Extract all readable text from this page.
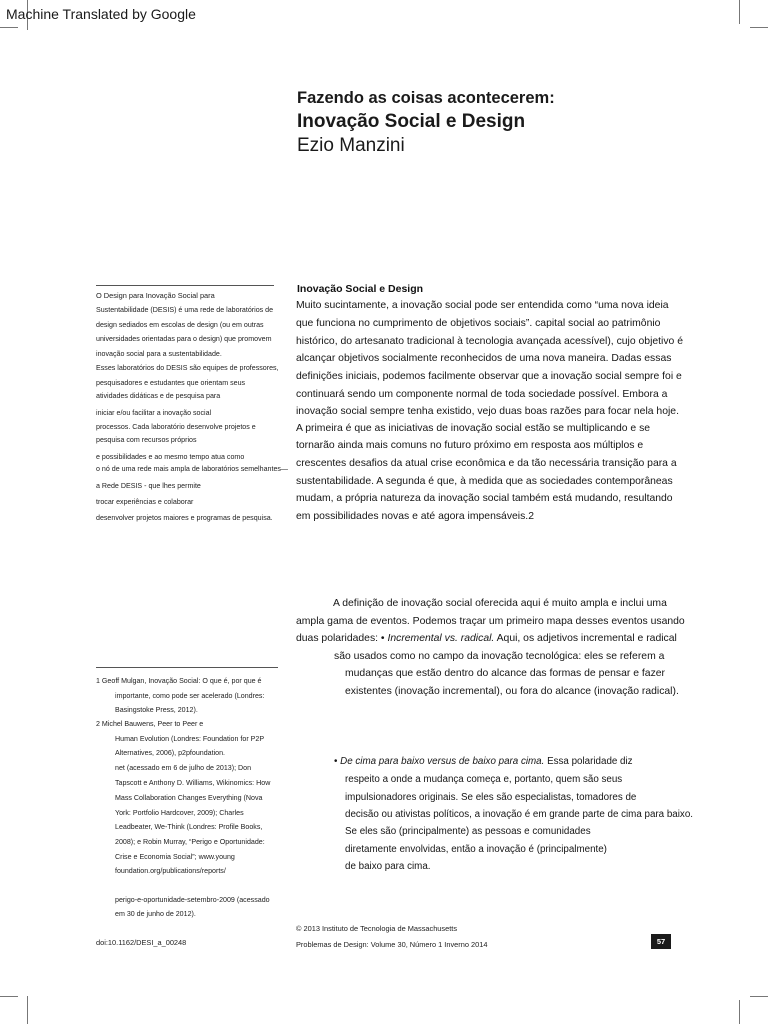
Machine Translated by Google
Fazendo as coisas acontecerem:
Inovação Social e Design
Ezio Manzini
O Design para Inovação Social para
Sustentabilidade (DESIS) é uma rede de laboratórios de
design sediados em escolas de design (ou em outras
universidades orientadas para o design) que promovem
inovação social para a sustentabilidade.
Esses laboratórios do DESIS são equipes de professores,
pesquisadores e estudantes que orientam seus
atividades didáticas e de pesquisa para
iniciar e/ou facilitar a inovação social
processos. Cada laboratório desenvolve projetos e
pesquisa com recursos próprios
e possibilidades e ao mesmo tempo atua como
o nó de uma rede mais ampla de laboratórios semelhantes—
a Rede DESIS - que lhes permite
trocar experiências e colaborar
desenvolver projetos maiores e programas de pesquisa.
Inovação Social e Design
Muito sucintamente, a inovação social pode ser entendida como “uma nova ideia
que funciona no cumprimento de objetivos sociais”. capital social ao patrimônio
histórico, do artesanato tradicional à tecnologia avançada acessível), cujo objetivo é
alcançar objetivos socialmente reconhecidos de uma nova maneira. Dadas essas
definições iniciais, podemos facilmente observar que a inovação social sempre foi e
continuará sendo um componente normal de toda sociedade possível. Embora a
inovação social sempre tenha existido, vejo duas boas razões para focar nela hoje.
A primeira é que as iniciativas de inovação social estão se multiplicando e se
tornarão ainda mais comuns no futuro próximo em resposta aos múltiplos e
crescentes desafios da atual crise econômica e da tão necessária transição para a
sustentabilidade. A segunda é que, à medida que as sociedades contemporâneas
mudam, a própria natureza da inovação social também está mudando, resultando
em possibilidades novas e até agora impensáveis.2
A definição de inovação social oferecida aqui é muito ampla e inclui uma
ampla gama de eventos. Podemos traçar um primeiro mapa desses eventos usando
duas polaridades: • Incremental vs. radical. Aqui, os adjetivos incremental e radical
são usados como no campo da inovação tecnológica: eles se referem a
mudanças que estão dentro do alcance das formas de pensar e fazer
existentes (inovação incremental), ou fora do alcance (inovação radical).
• De cima para baixo versus de baixo para cima. Essa polaridade diz
respeito a onde a mudança começa e, portanto, quem são seus
impulsionadores originais. Se eles são especialistas, tomadores de
decisão ou ativistas políticos, a inovação é em grande parte de cima para baixo.
Se eles são (principalmente) as pessoas e comunidades
diretamente envolvidas, então a inovação é (principalmente)
de baixo para cima.
1 Geoff Mulgan, Inovação Social: O que é, por que é
importante, como pode ser acelerado (Londres:
Basingstoke Press, 2012).
2 Michel Bauwens, Peer to Peer e
Human Evolution (Londres: Foundation for P2P
Alternatives, 2006), p2pfoundation.
net (acessado em 6 de julho de 2013); Don
Tapscott e Anthony D. Williams, Wikinomics: How
Mass Collaboration Changes Everything (Nova
York: Portfolio Hardcover, 2009); Charles
Leadbeater, We-Think (Londres: Profile Books,
2008); e Robin Murray, “Perigo e Oportunidade:
Crise e Economia Social”; www.young
foundation.org/publications/reports/
perigo-e-oportunidade-setembro-2009 (acessado
em 30 de junho de 2012).
doi:10.1162/DESI_a_00248
© 2013 Instituto de Tecnologia de Massachusetts
Problemas de Design: Volume 30, Número 1 Inverno 2014	57
